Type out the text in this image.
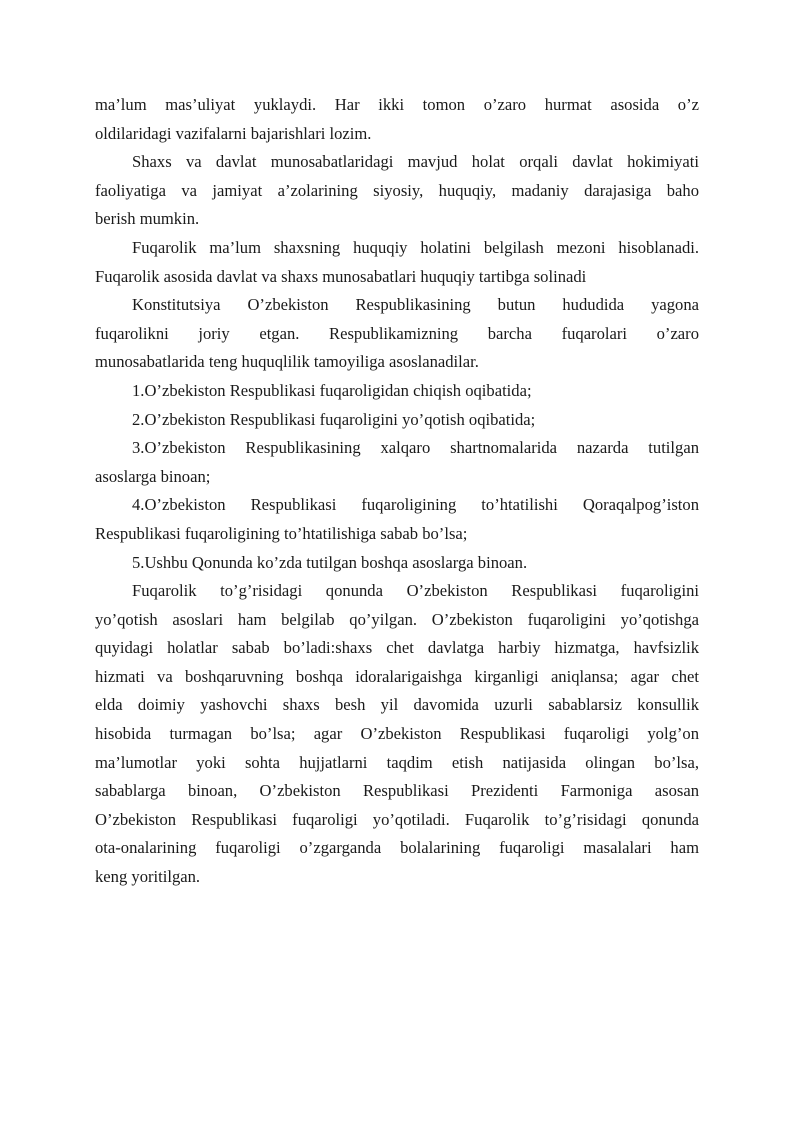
ma’lum mas’uliyat yuklaydi. Har ikki tomon o’zaro hurmat asosida o’z
oldilaridagi vazifalarni bajarishlari lozim.
Shaxs va davlat munosabatlaridagi mavjud holat orqali davlat hokimiyati
faoliyatiga va jamiyat a’zolarining siyosiy, huquqiy, madaniy darajasiga baho
berish mumkin.
Fuqarolik ma’lum shaxsning huquqiy holatini belgilash mezoni hisoblanadi.
Fuqarolik asosida davlat va shaxs munosabatlari huquqiy tartibga solinadi
Konstitutsiya O’zbekiston Respublikasining butun hududida yagona
fuqarolikni joriy etgan. Respublikamizning barcha fuqarolari o’zaro
munosabatlarida teng huquqlilik tamoyiliga asoslanadilar.
1.O’zbekiston Respublikasi fuqaroligidan chiqish oqibatida;
2.O’zbekiston Respublikasi fuqaroligini yo’qotish oqibatida;
3.O’zbekiston Respublikasining xalqaro shartnomalarida nazarda tutilgan
asoslarga binoan;
4.O’zbekiston Respublikasi fuqaroligining to’htatilishi Qoraqalpog’iston
Respublikasi fuqaroligining to’htatilishiga sabab bo’lsa;
5.Ushbu Qonunda ko’zda tutilgan boshqa asoslarga binoan.
Fuqarolik to’g’risidagi qonunda O’zbekiston Respublikasi fuqaroligini
yo’qotish asoslari ham belgilab qo’yilgan. O’zbekiston fuqaroligini yo’qotishga
quyidagi holatlar sabab bo’ladi:shaxs chet davlatga harbiy hizmatga, havfsizlik
hizmati va boshqaruvning boshqa idoralarigaishga kirganligi aniqlansa; agar chet
elda doimiy yashovchi shaxs besh yil davomida uzurli sabablarsiz konsullik
hisobida turmagan bo’lsa; agar O’zbekiston Respublikasi fuqaroligi yolg’on
ma’lumotlar yoki sohta hujjatlarni taqdim etish natijasida olingan bo’lsa,
sabablarga binoan, O’zbekiston Respublikasi Prezidenti Farmoniga asosan
O’zbekiston Respublikasi fuqaroligi yo’qotiladi. Fuqarolik to’g’risidagi qonunda
ota-onalarining fuqaroligi o’zgarganda bolalarining fuqaroligi masalalari ham
keng yoritilgan.
